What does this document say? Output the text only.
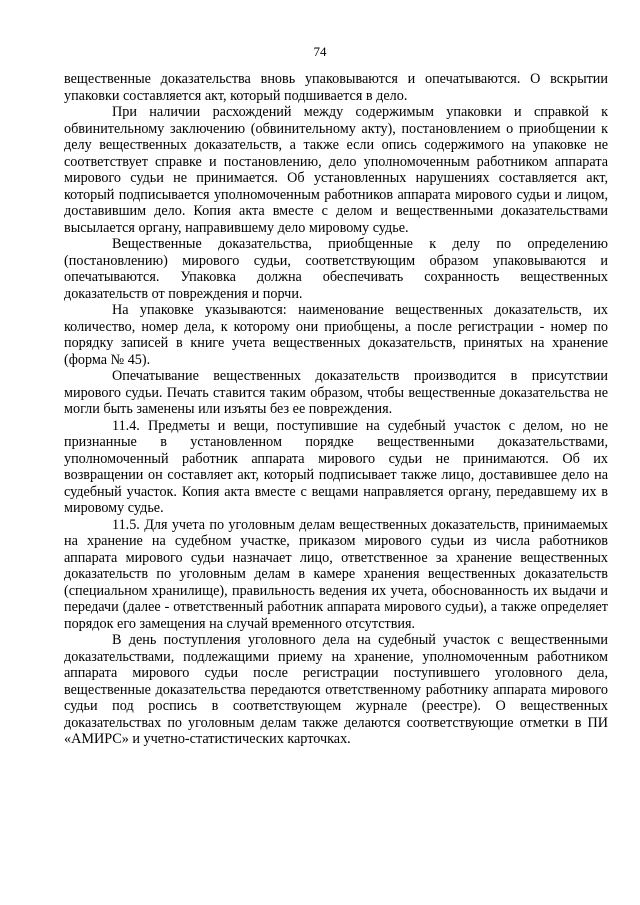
74

вещественные доказательства вновь упаковываются и опечатываются. О вскрытии упаковки составляется акт, который подшивается в дело.

При наличии расхождений между содержимым упаковки и справкой к обвинительному заключению (обвинительному акту), постановлением о приобщении к делу вещественных доказательств, а также если опись содержимого на упаковке не соответствует справке и постановлению, дело уполномоченным работником аппарата мирового судьи не принимается. Об установленных нарушениях составляется акт, который подписывается уполномоченным работников аппарата мирового судьи и лицом, доставившим дело. Копия акта вместе с делом и вещественными доказательствами высылается органу, направившему дело мировому судье.

Вещественные доказательства, приобщенные к делу по определению (постановлению) мирового судьи, соответствующим образом упаковываются и опечатываются. Упаковка должна обеспечивать сохранность вещественных доказательств от повреждения и порчи.

На упаковке указываются: наименование вещественных доказательств, их количество, номер дела, к которому они приобщены, а после регистрации - номер по порядку записей в книге учета вещественных доказательств, принятых на хранение (форма № 45).

Опечатывание вещественных доказательств производится в присутствии мирового судьи. Печать ставится таким образом, чтобы вещественные доказательства не могли быть заменены или изъяты без ее повреждения.

11.4. Предметы и вещи, поступившие на судебный участок с делом, но не признанные в установленном порядке вещественными доказательствами, уполномоченный работник аппарата мирового судьи не принимаются. Об их возвращении он составляет акт, который подписывает также лицо, доставившее дело на судебный участок. Копия акта вместе с вещами направляется органу, передавшему их в мировому судье.

11.5. Для учета по уголовным делам вещественных доказательств, принимаемых на хранение на судебном участке, приказом мирового судьи из числа работников аппарата мирового судьи назначает лицо, ответственное за хранение вещественных доказательств по уголовным делам в камере хранения вещественных доказательств (специальном хранилище), правильность ведения их учета, обоснованность их выдачи и передачи (далее - ответственный работник аппарата мирового судьи), а также определяет порядок его замещения на случай временного отсутствия.

В день поступления уголовного дела на судебный участок с вещественными доказательствами, подлежащими приему на хранение, уполномоченным работником аппарата мирового судьи после регистрации поступившего уголовного дела, вещественные доказательства передаются ответственному работнику аппарата мирового судьи под роспись в соответствующем журнале (реестре). О вещественных доказательствах по уголовным делам также делаются соответствующие отметки в ПИ «АМИРС» и учетно-статистических карточках.
